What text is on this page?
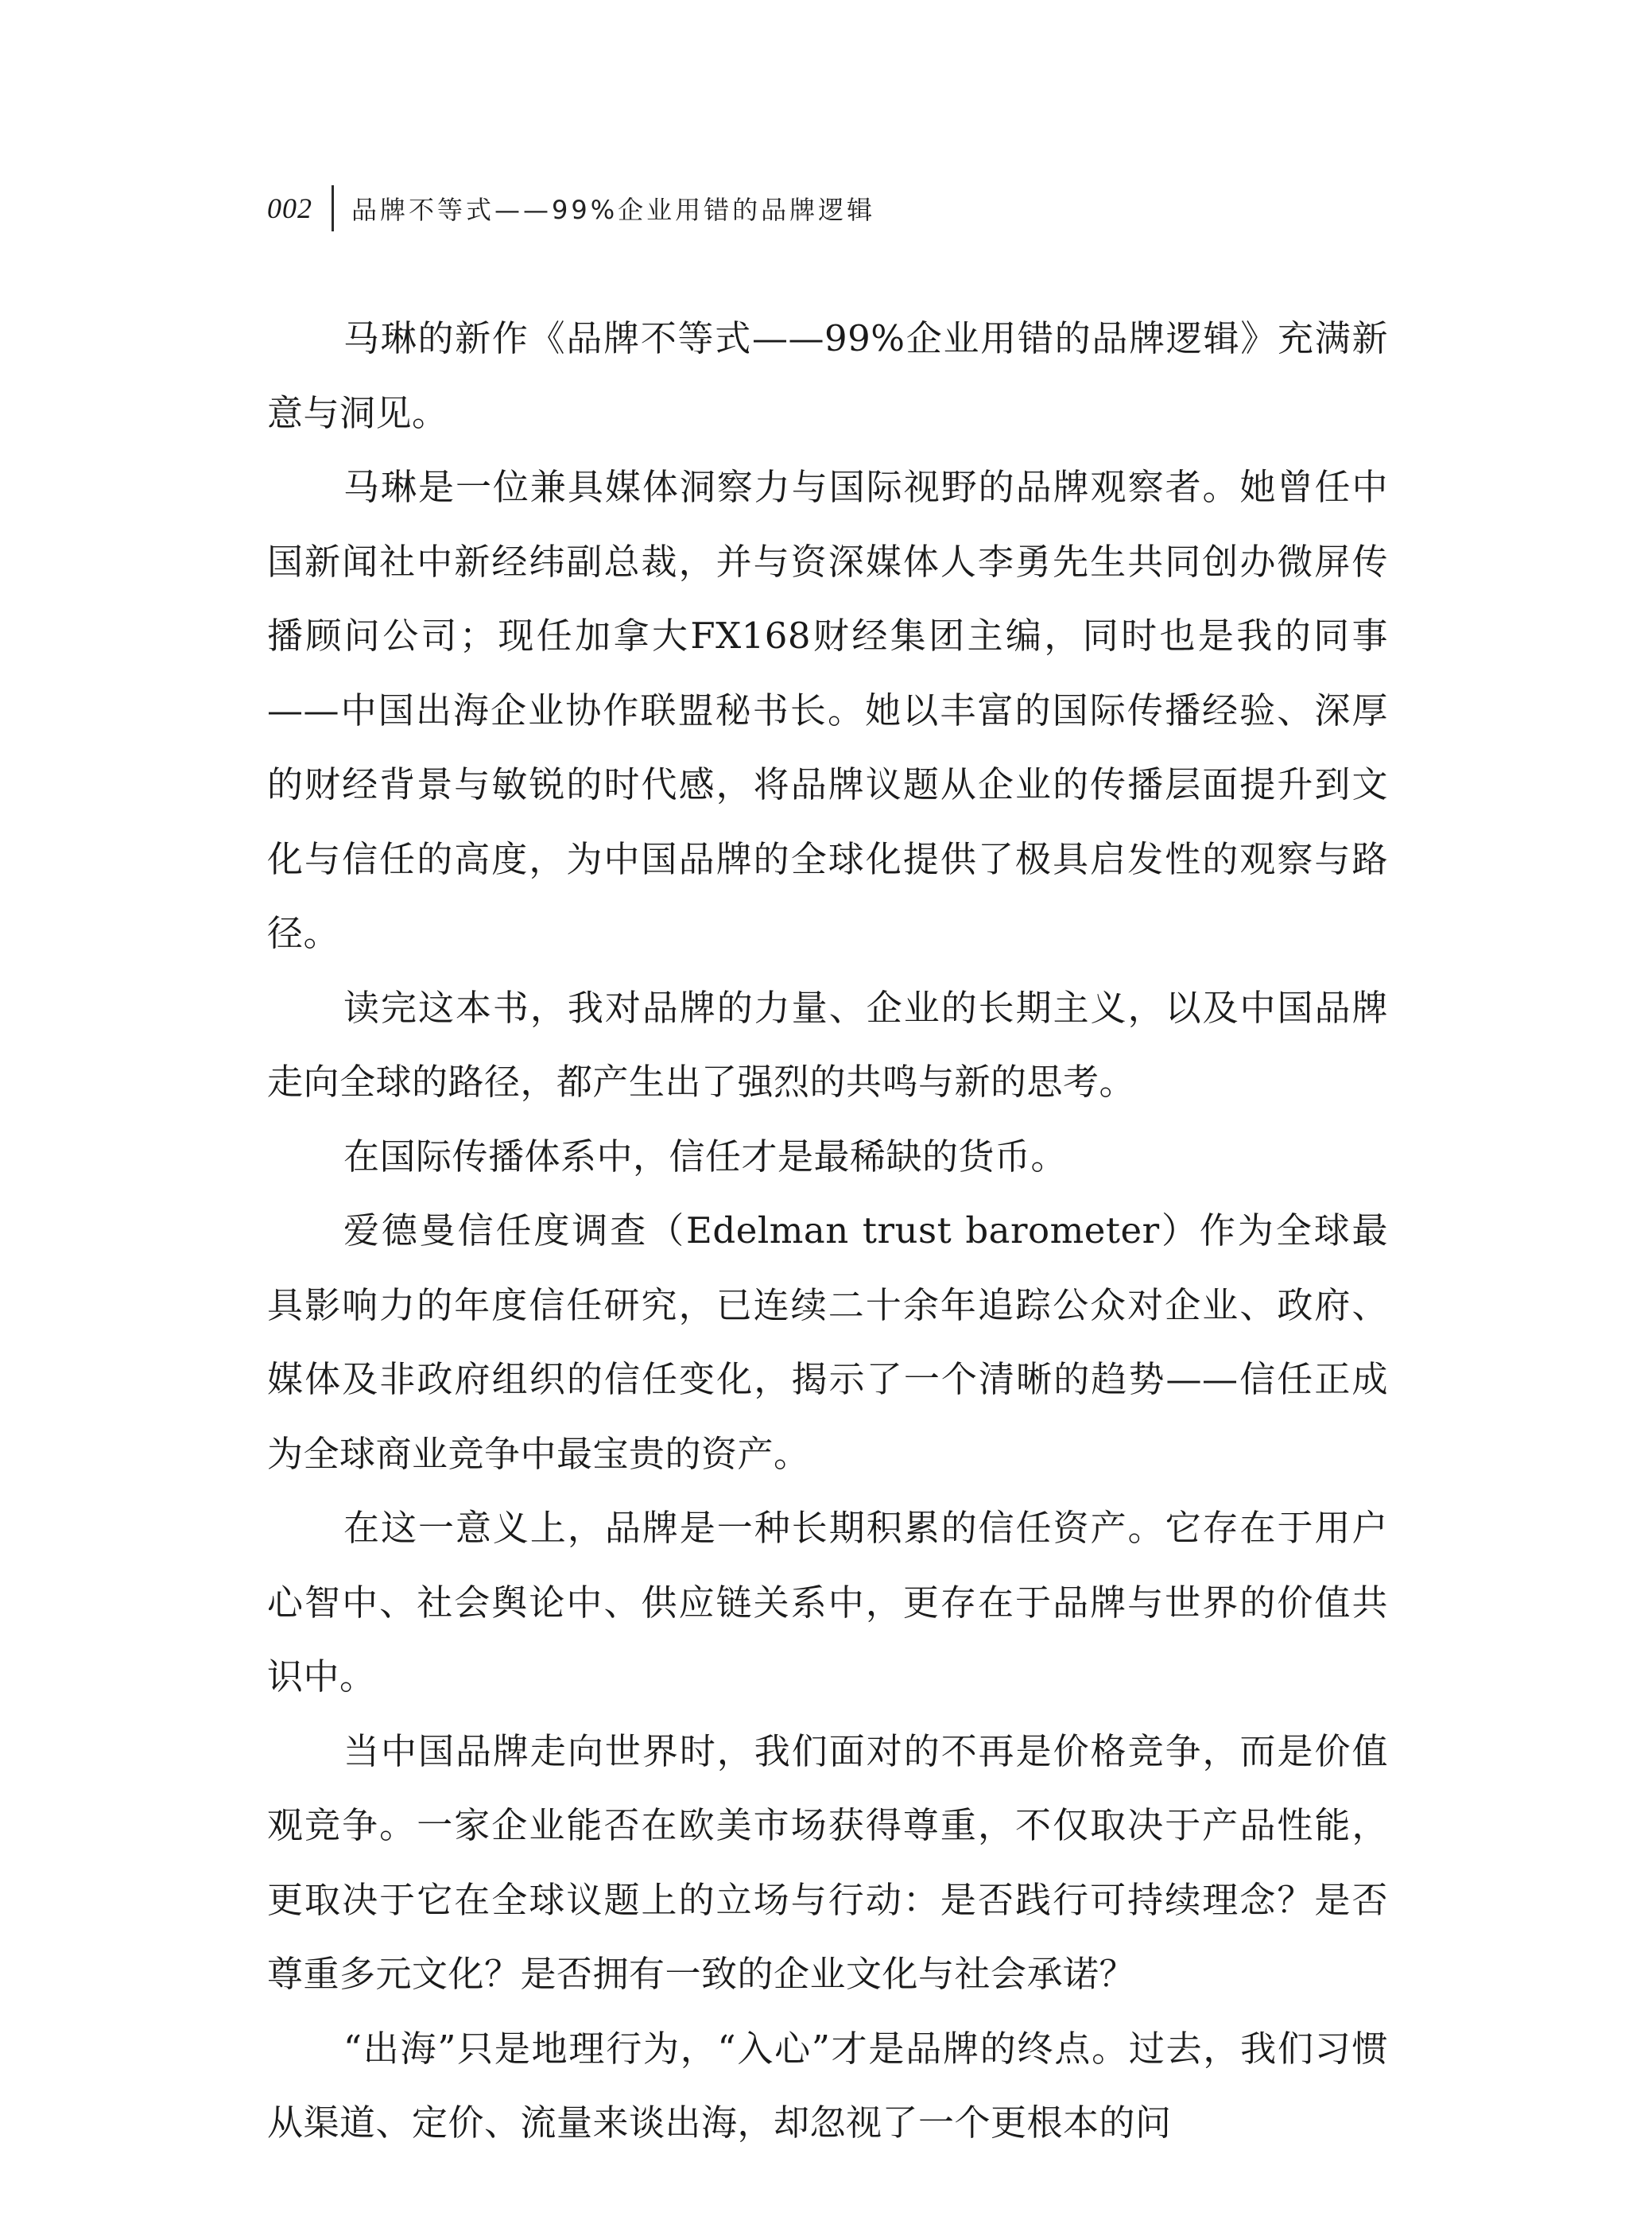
002 品牌不等式——99%企业用错的品牌逻辑

马琳的新作《品牌不等式——99%企业用错的品牌逻辑》充满新意与洞见。

马琳是一位兼具媒体洞察力与国际视野的品牌观察者。她曾任中国新闻社中新经纬副总裁，并与资深媒体人李勇先生共同创办微屏传播顾问公司；现任加拿大FX168财经集团主编，同时也是我的同事——中国出海企业协作联盟秘书长。她以丰富的国际传播经验、深厚的财经背景与敏锐的时代感，将品牌议题从企业的传播层面提升到文化与信任的高度，为中国品牌的全球化提供了极具启发性的观察与路径。

读完这本书，我对品牌的力量、企业的长期主义，以及中国品牌走向全球的路径，都产生出了强烈的共鸣与新的思考。

在国际传播体系中，信任才是最稀缺的货币。

爱德曼信任度调查（Edelman trust barometer）作为全球最具影响力的年度信任研究，已连续二十余年追踪公众对企业、政府、媒体及非政府组织的信任变化，揭示了一个清晰的趋势——信任正成为全球商业竞争中最宝贵的资产。

在这一意义上，品牌是一种长期积累的信任资产。它存在于用户心智中、社会舆论中、供应链关系中，更存在于品牌与世界的价值共识中。

当中国品牌走向世界时，我们面对的不再是价格竞争，而是价值观竞争。一家企业能否在欧美市场获得尊重，不仅取决于产品性能，更取决于它在全球议题上的立场与行动：是否践行可持续理念？是否尊重多元文化？是否拥有一致的企业文化与社会承诺？

“出海”只是地理行为，“入心”才是品牌的终点。过去，我们习惯从渠道、定价、流量来谈出海，却忽视了一个更根本的问
